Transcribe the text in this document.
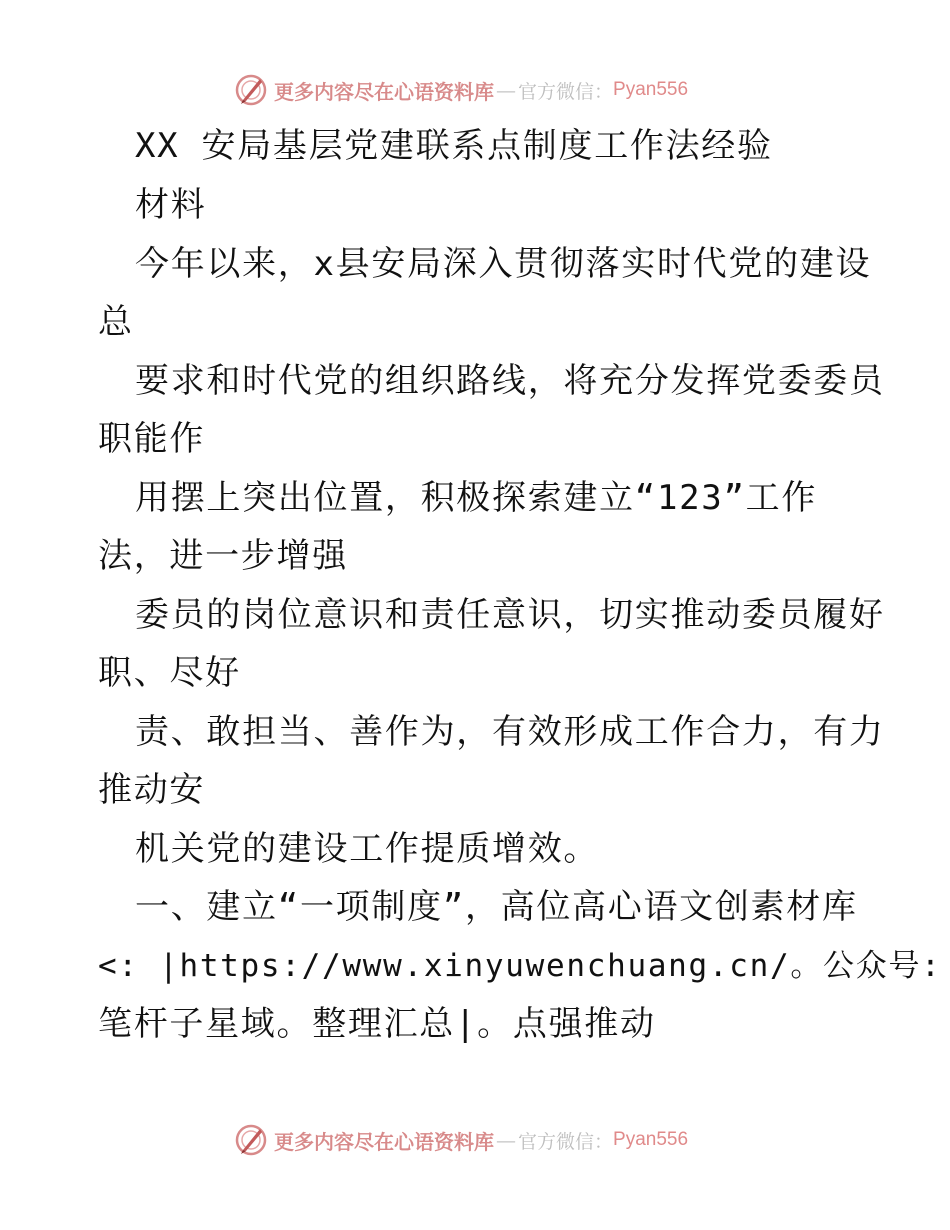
更多内容尽在心语资料库 — 官方微信： Pyan556
XX 安局基层党建联系点制度工作法经验
材料
今年以来，x县安局深入贯彻落实时代党的建设
总
要求和时代党的组织路线，将充分发挥党委委员
职能作
用摆上突出位置，积极探索建立“123”工作
法，进一步增强
委员的岗位意识和责任意识，切实推动委员履好
职、尽好
责、敢担当、善作为，有效形成工作合力，有力
推动安
机关党的建设工作提质增效。
一、建立“一项制度”，高位高心语文创素材库
<: |https://www.xinyuwenchuang.cn/。公众号:
笔杆子星域。整理汇总|。点强推动
更多内容尽在心语资料库 — 官方微信： Pyan556
